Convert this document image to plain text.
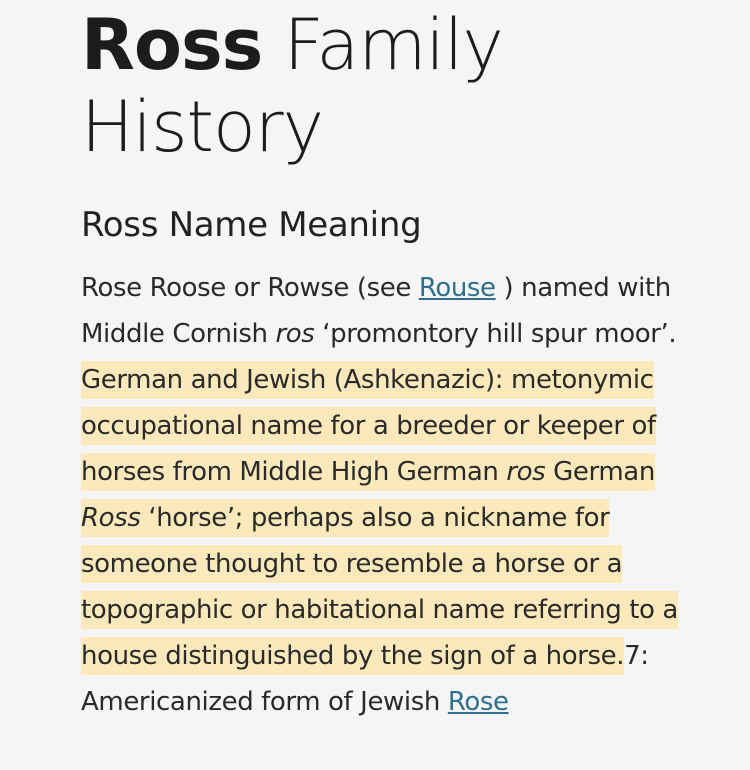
Ross Family
History
Ross Name Meaning

Rose Roose or Rowse (see Rouse ) named with Middle Cornish ros ‘promontory hill spur moor’. German and Jewish (Ashkenazic): metonymic occupational name for a breeder or keeper of horses from Middle High German ros German Ross ‘horse’; perhaps also a nickname for someone thought to resemble a horse or a topographic or habitational name referring to a house distinguished by the sign of a horse.7: Americanized form of Jewish Rose
